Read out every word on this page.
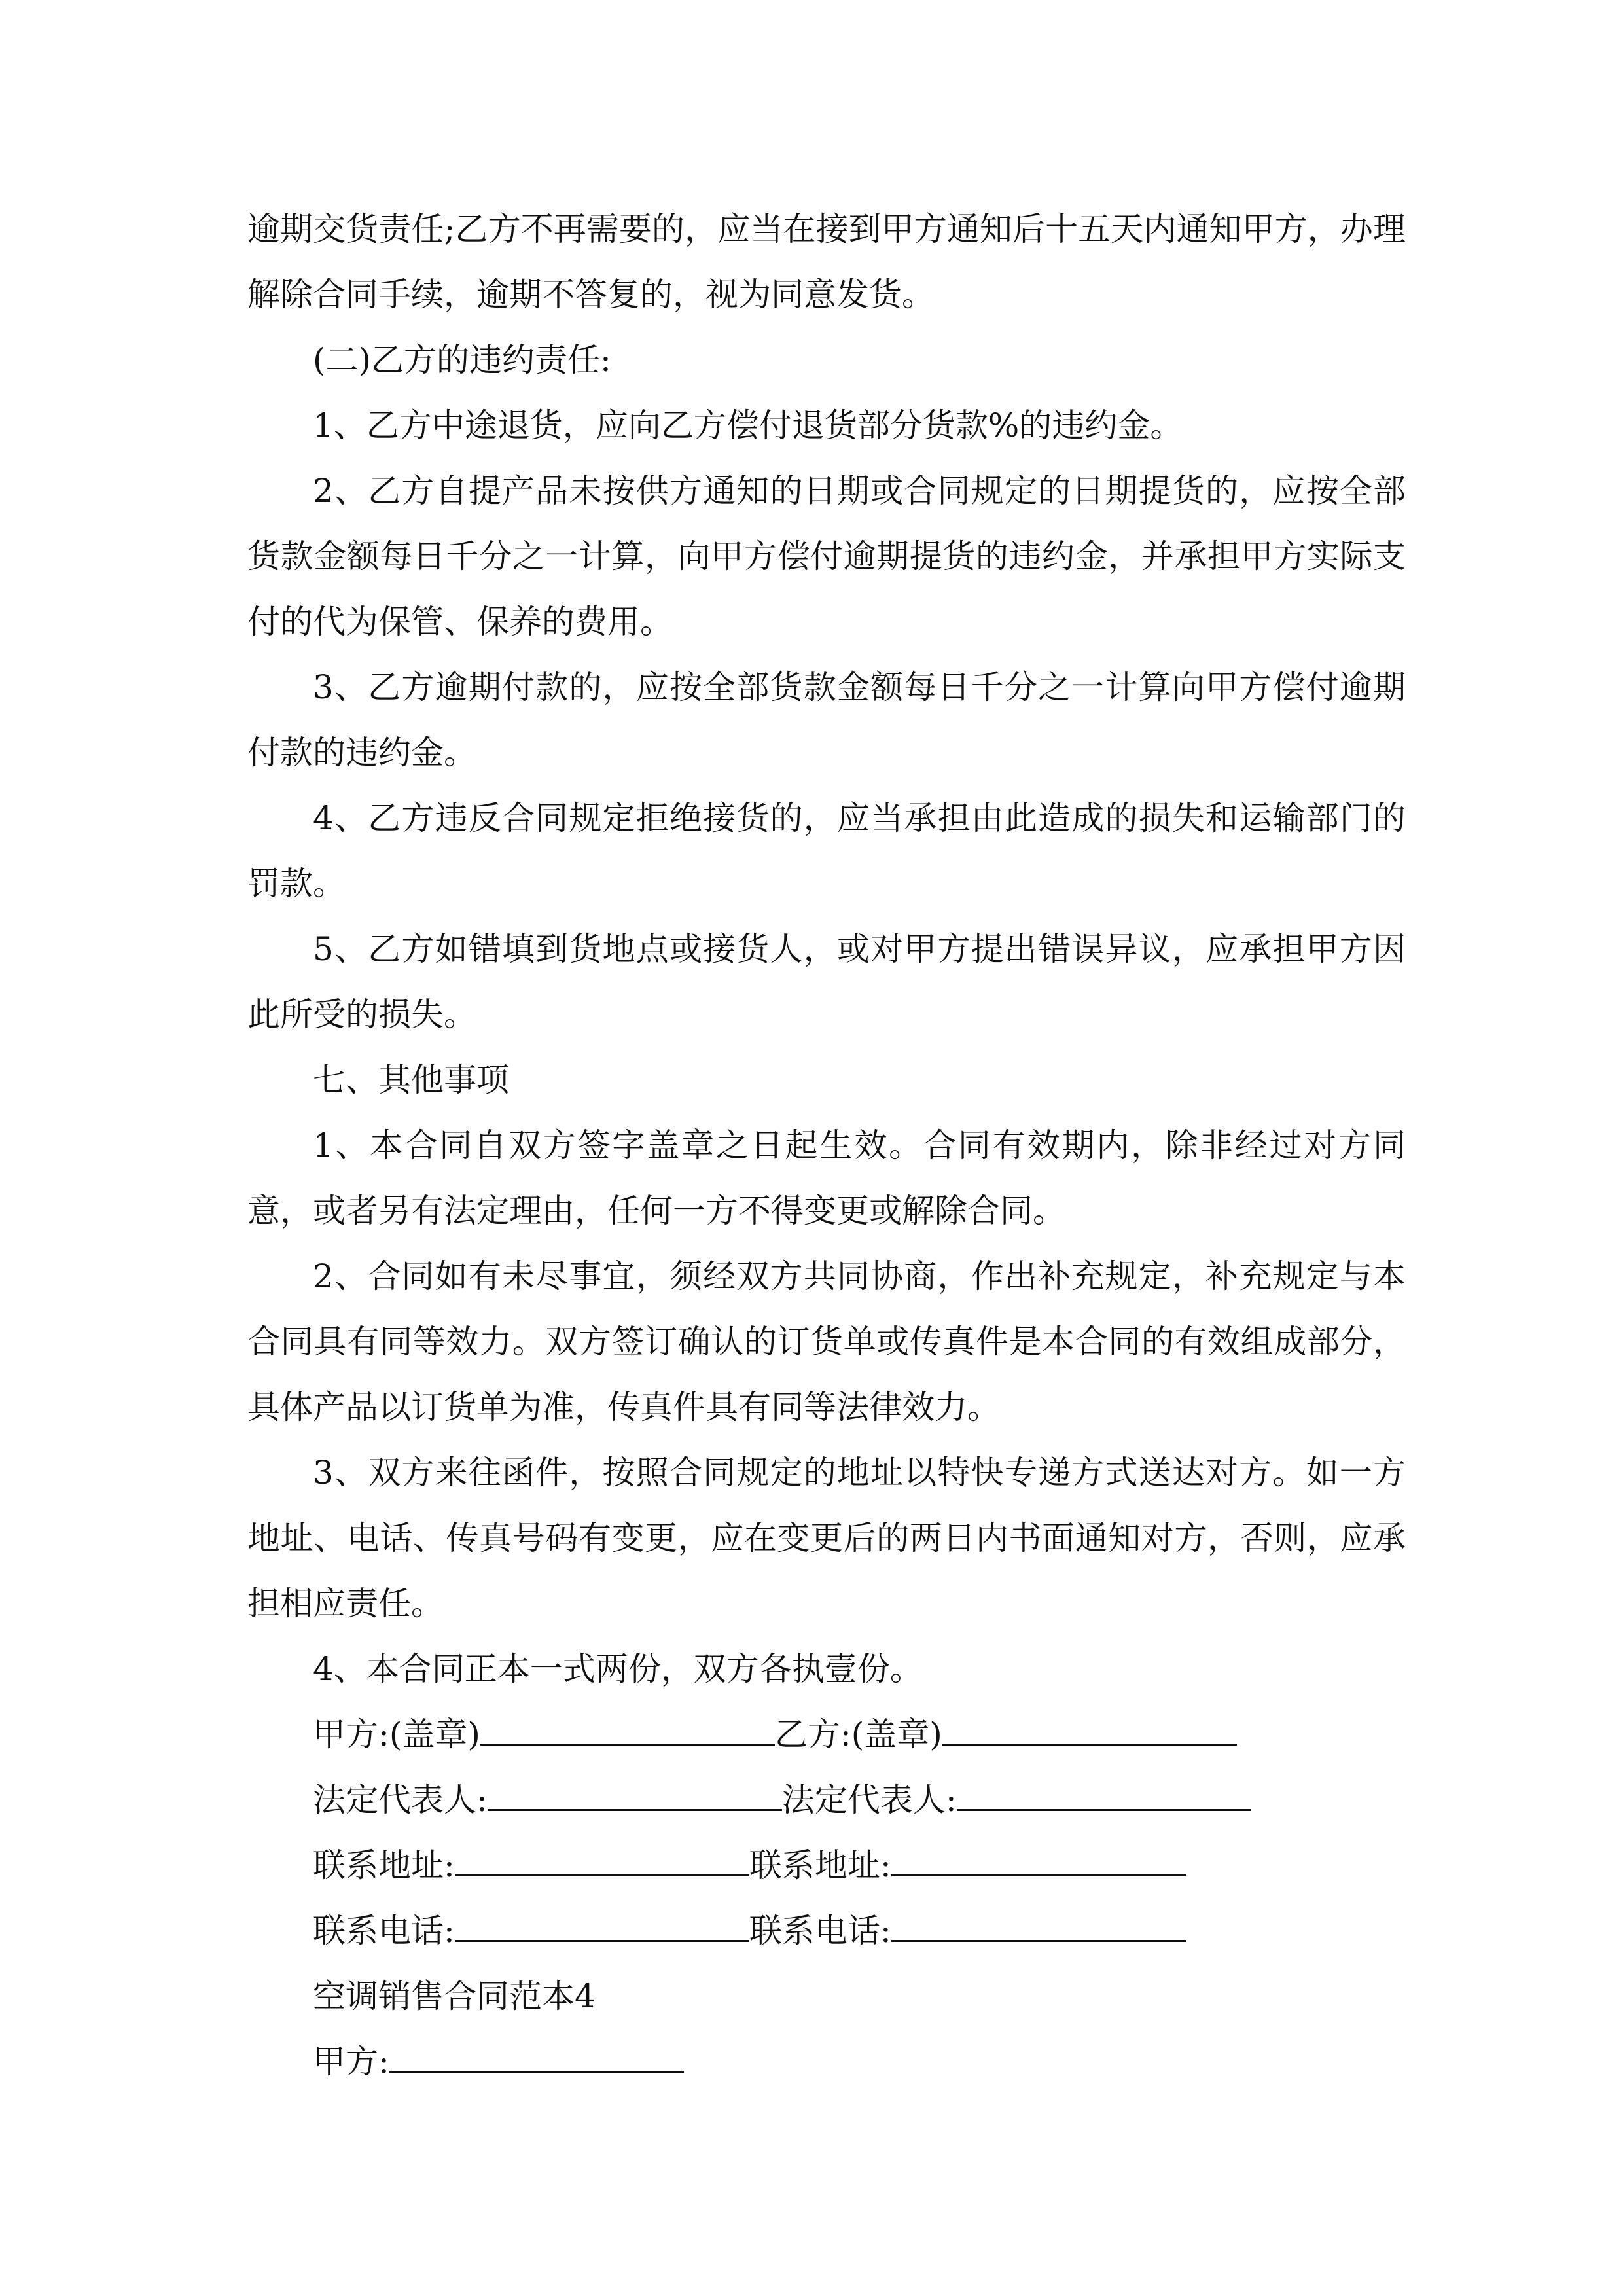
逾期交货责任;乙方不再需要的，应当在接到甲方通知后十五天内通知甲方，办理解除合同手续，逾期不答复的，视为同意发货。

(二)乙方的违约责任:

1、乙方中途退货，应向乙方偿付退货部分货款%的违约金。

2、乙方自提产品未按供方通知的日期或合同规定的日期提货的，应按全部货款金额每日千分之一计算，向甲方偿付逾期提货的违约金，并承担甲方实际支付的代为保管、保养的费用。

3、乙方逾期付款的，应按全部货款金额每日千分之一计算向甲方偿付逾期付款的违约金。

4、乙方违反合同规定拒绝接货的，应当承担由此造成的损失和运输部门的罚款。

5、乙方如错填到货地点或接货人，或对甲方提出错误异议，应承担甲方因此所受的损失。

七、其他事项

1、本合同自双方签字盖章之日起生效。合同有效期内，除非经过对方同意，或者另有法定理由，任何一方不得变更或解除合同。

2、合同如有未尽事宜，须经双方共同协商，作出补充规定，补充规定与本合同具有同等效力。双方签订确认的订货单或传真件是本合同的有效组成部分，具体产品以订货单为准，传真件具有同等法律效力。

3、双方来往函件，按照合同规定的地址以特快专递方式送达对方。如一方地址、电话、传真号码有变更，应在变更后的两日内书面通知对方，否则，应承担相应责任。

4、本合同正本一式两份，双方各执壹份。

甲方:(盖章)	乙方:(盖章)
法定代表人:	法定代表人:
联系地址:	联系地址:
联系电话:	联系电话:
空调销售合同范本4
甲方:
